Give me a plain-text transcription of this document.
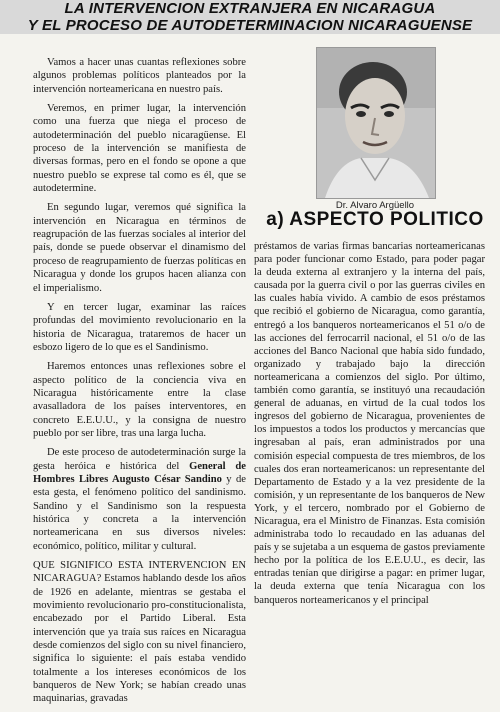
LA INTERVENCION EXTRANJERA EN NICARAGUA
Y EL PROCESO DE AUTODETERMINACION NICARAGUENSE

Vamos a hacer unas cuantas reflexiones sobre algunos problemas políticos planteados por la intervención norteamericana en nuestro país.

Veremos, en primer lugar, la intervención como una fuerza que niega el proceso de autodeterminación del pueblo nicaragüense. El proceso de la intervención se manifiesta de diversas formas, pero en el fondo se opone a que nuestro pueblo se exprese tal como es él, que se autodetermine.

En segundo lugar, veremos qué significa la intervención en Nicaragua en términos de reagrupación de las fuerzas sociales al interior del país, donde se puede observar el dinamismo del proceso de reagrupamiento de fuerzas políticas en Nicaragua y donde los grupos hacen alianza con el imperialismo.

Y en tercer lugar, examinar las raíces profundas del movimiento revolucionario en la historia de Nicaragua, trataremos de hacer un esbozo ligero de lo que es el Sandinismo.

Haremos entonces unas reflexiones sobre el aspecto político de la conciencia viva en Nicaragua históricamente entre la clase avasalladora de los países interventores, en concreto E.E.U.U., y la consigna de nuestro pueblo por ser libre, tras una larga lucha.

De este proceso de autodeterminación surge la gesta heróica e histórica del General de Hombres Libres Augusto César Sandino y de esta gesta, el fenómeno político del sandinismo. Sandino y el Sandinismo son la respuesta histórica y concreta a la intervención norteamericana en sus diversos niveles: económico, político, militar y cultural.

QUE SIGNIFICO ESTA INTERVENCION EN NICARAGUA? Estamos hablando desde los años de 1926 en adelante, mientras se gestaba el movimiento revolucionario pro-constitucionalista, encabezado por el Partido Liberal. Esta intervención que ya traía sus raíces en Nicaragua desde comienzos del siglo con su nivel financiero, significa lo siguiente: el país estaba vendido totalmente a los intereses económicos de los banqueros de New York; se habían creado unas maquinarias, gravadas

Dr. Alvaro Argüello
a) ASPECTO POLITICO

préstamos de varias firmas bancarias norteamericanas para poder funcionar como Estado, para poder pagar la deuda externa al extranjero y la interna del país, causada por la guerra civil o por las guerras civiles en las cuales había vivido. A cambio de esos préstamos que recibió el gobierno de Nicaragua, como garantía, entregó a los banqueros norteamericanos el 51 o/o de las acciones del ferrocarril nacional, el 51 o/o de las acciones del Banco Nacional que había sido fundado, organizado y trabajado bajo la dirección norteamericana a comienzos del siglo. Por último, también como garantía, se instituyó una recaudación general de aduanas, en virtud de la cual todos los ingresos del gobierno de Nicaragua, provenientes de los impuestos a todos los productos y mercancías que ingresaban al país, eran administrados por una comisión especial compuesta de tres miembros, de los cuales dos eran norteamericanos: un representante del Departamento de Estado y a la vez presidente de la comisión, y un representante de los banqueros de New York, y el tercero, nombrado por el Gobierno de Nicaragua, era el Ministro de Finanzas. Esta comisión administraba todo lo recaudado en las aduanas del país y se sujetaba a un esquema de gastos previamente hecho por la política de los E.E.U.U., es decir, las entradas tenían que dirigirse a pagar: en primer lugar, la deuda externa que tenía Nicaragua con los banqueros norteamericanos y el principal
